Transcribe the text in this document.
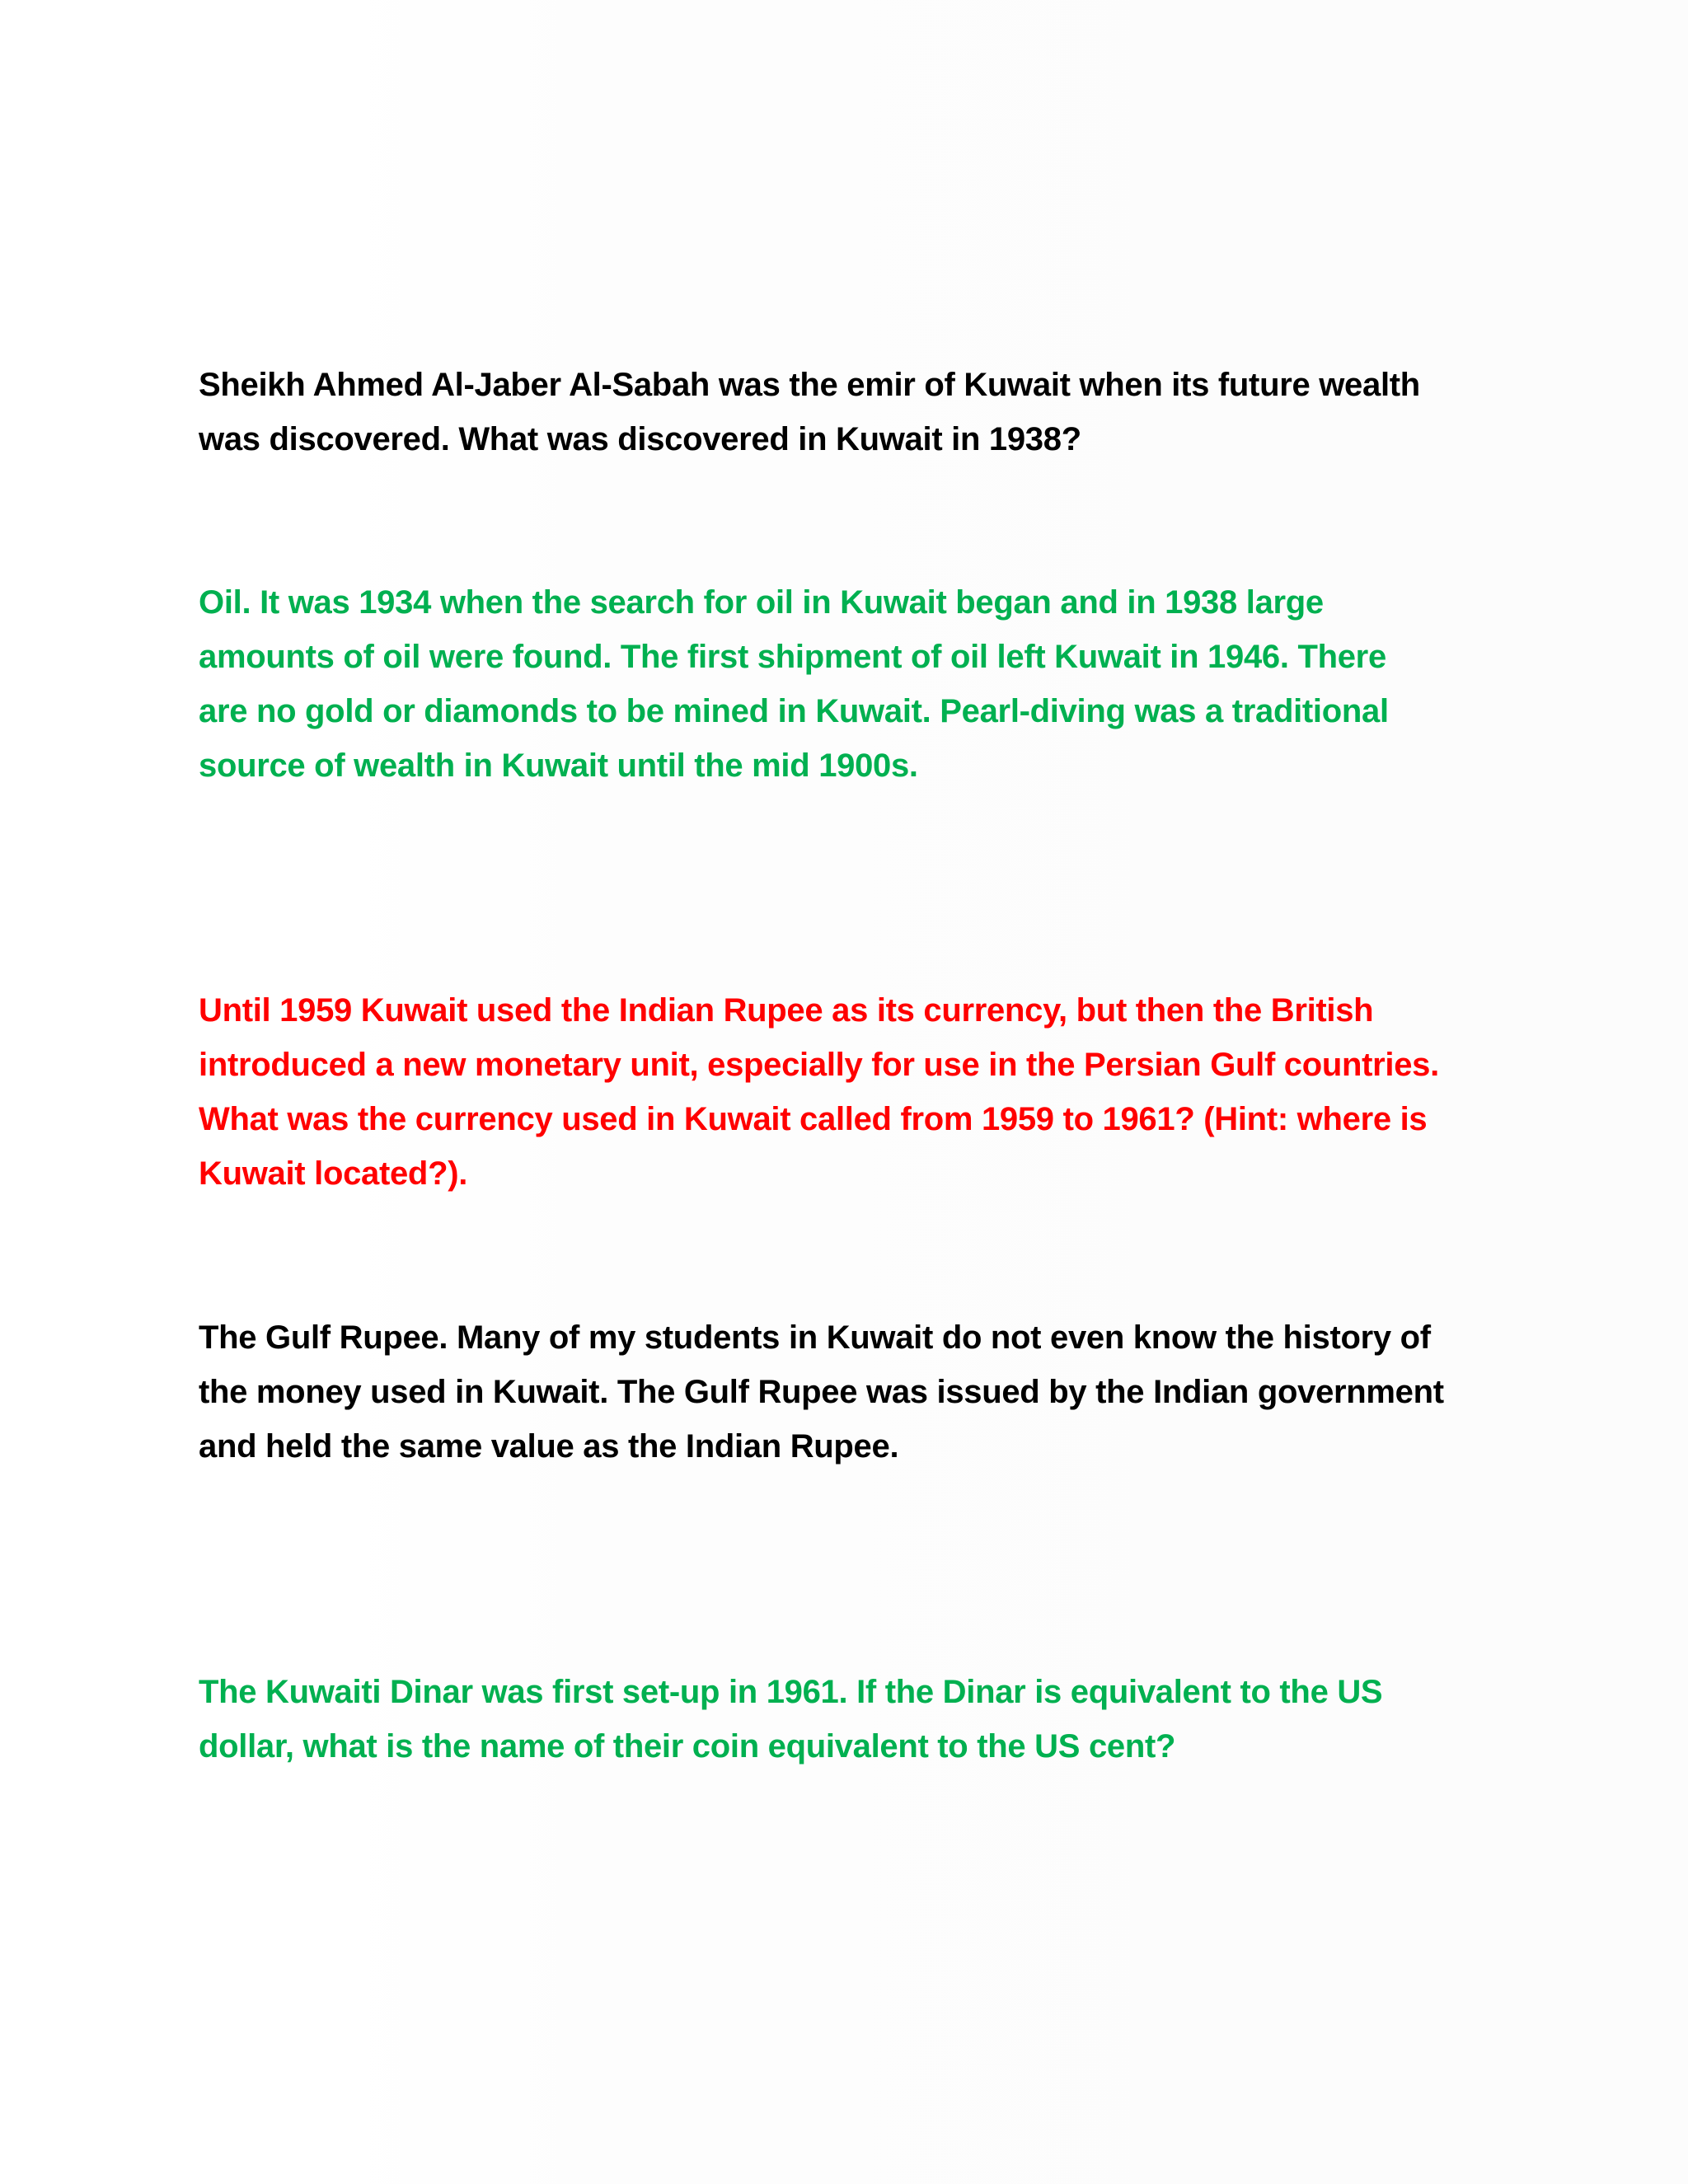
Sheikh Ahmed Al-Jaber Al-Sabah was the emir of Kuwait when its future wealth
was discovered. What was discovered in Kuwait in 1938?

Oil. It was 1934 when the search for oil in Kuwait began and in 1938 large
amounts of oil were found. The first shipment of oil left Kuwait in 1946. There
are no gold or diamonds to be mined in Kuwait. Pearl-diving was a traditional
source of wealth in Kuwait until the mid 1900s.

Until 1959 Kuwait used the Indian Rupee as its currency, but then the British
introduced a new monetary unit, especially for use in the Persian Gulf countries.
What was the currency used in Kuwait called from 1959 to 1961? (Hint: where is
Kuwait located?).

The Gulf Rupee. Many of my students in Kuwait do not even know the history of
the money used in Kuwait. The Gulf Rupee was issued by the Indian government
and held the same value as the Indian Rupee.

The Kuwaiti Dinar was first set-up in 1961. If the Dinar is equivalent to the US
dollar, what is the name of their coin equivalent to the US cent?
